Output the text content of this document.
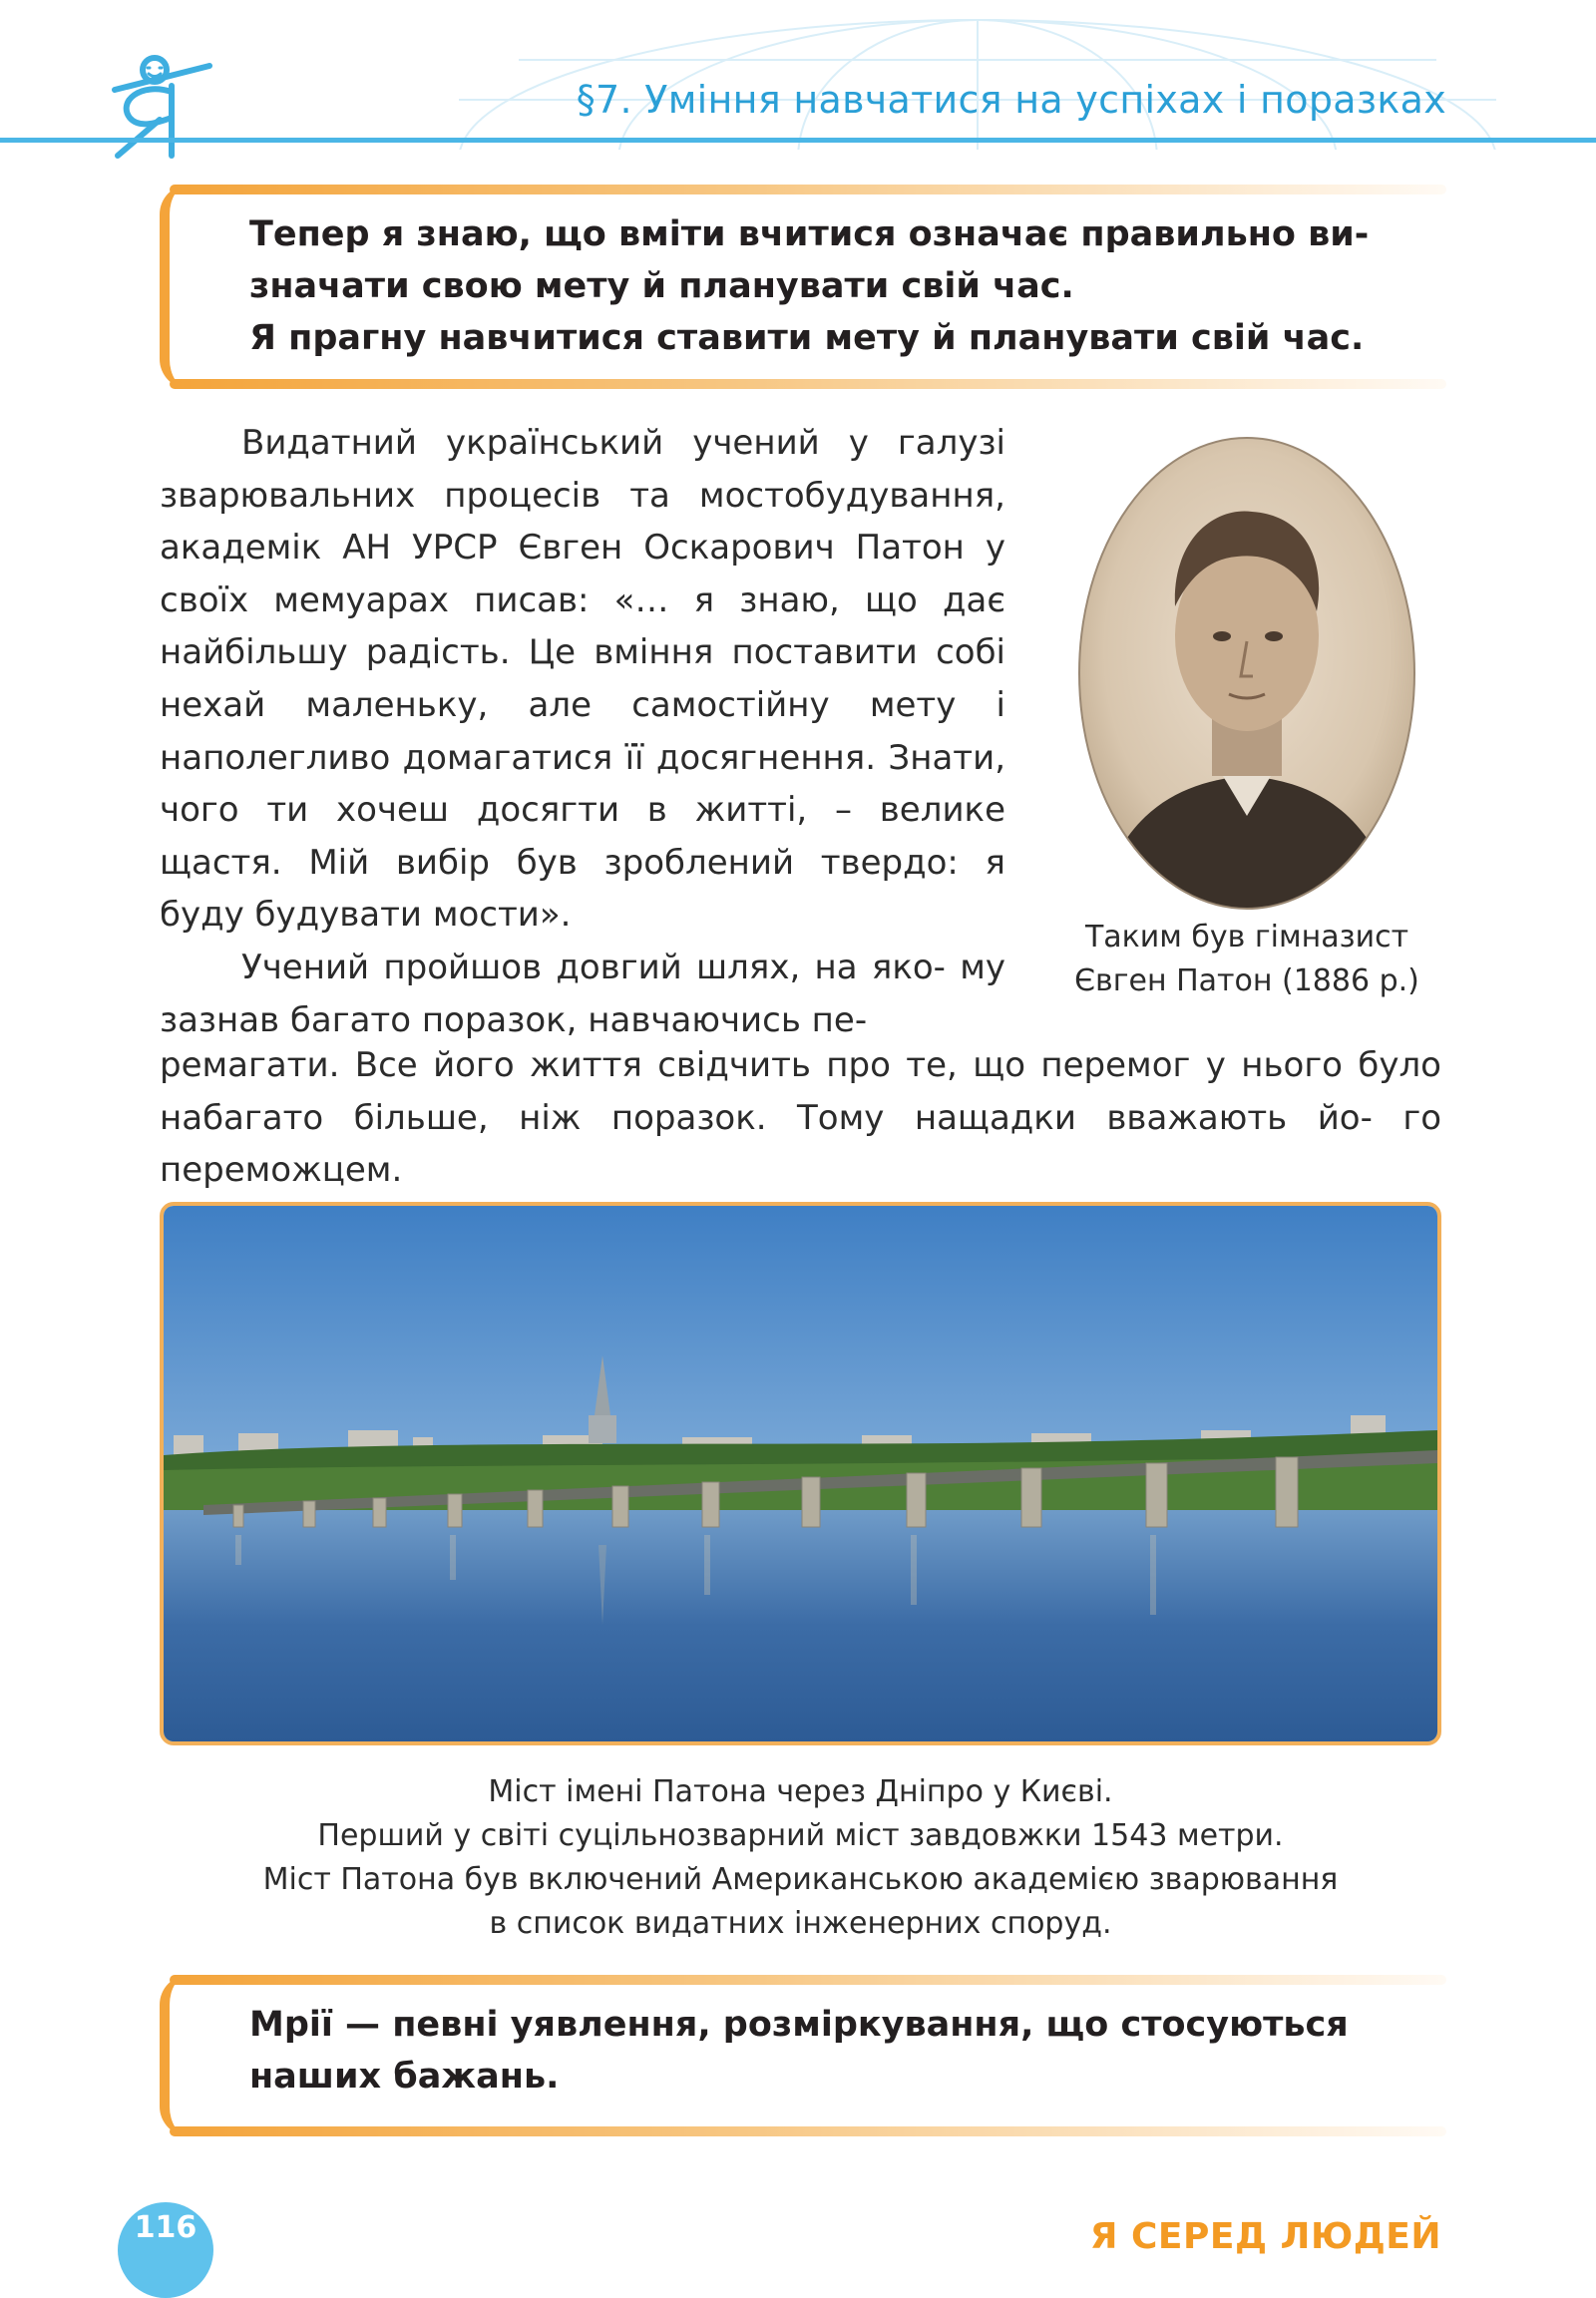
§7. Уміння навчатися на успіхах і поразках
Тепер я знаю, що вміти вчитися означає правильно ви-
значати свою мету й планувати свій час.
Я прагну навчитися ставити мету й планувати свій час.

Видатний український учений у галузі зварювальних процесів та мостобудування, академік АН УРСР Євген Оскарович Патон у своїх мемуарах писав: «… я знаю, що дає найбільшу радість. Це вміння поставити собі нехай маленьку, але самостійну мету і наполегливо домагатися її досягнення. Знати, чого ти хочеш досягти в житті, – велике щастя. Мій вибір був зроблений твердо: я буду будувати мости».

Учений пройшов довгий шлях, на яко- му зазнав багато поразок, навчаючись пе-

Таким був гімназист
Євген Патон (1886 р.)

ремагати. Все його життя свідчить про те, що перемог у нього було набагато більше, ніж поразок. Тому нащадки вважають йо- го переможцем.

Міст імені Патона через Дніпро у Києві.
Перший у світі суцільнозварний міст завдовжки 1543 метри.
Міст Патона був включений Американською академією зварювання
в список видатних інженерних споруд.
Мрії — певні уявлення, розміркування, що стосуються
наших бажань.
116	Я СЕРЕД ЛЮДЕЙ
